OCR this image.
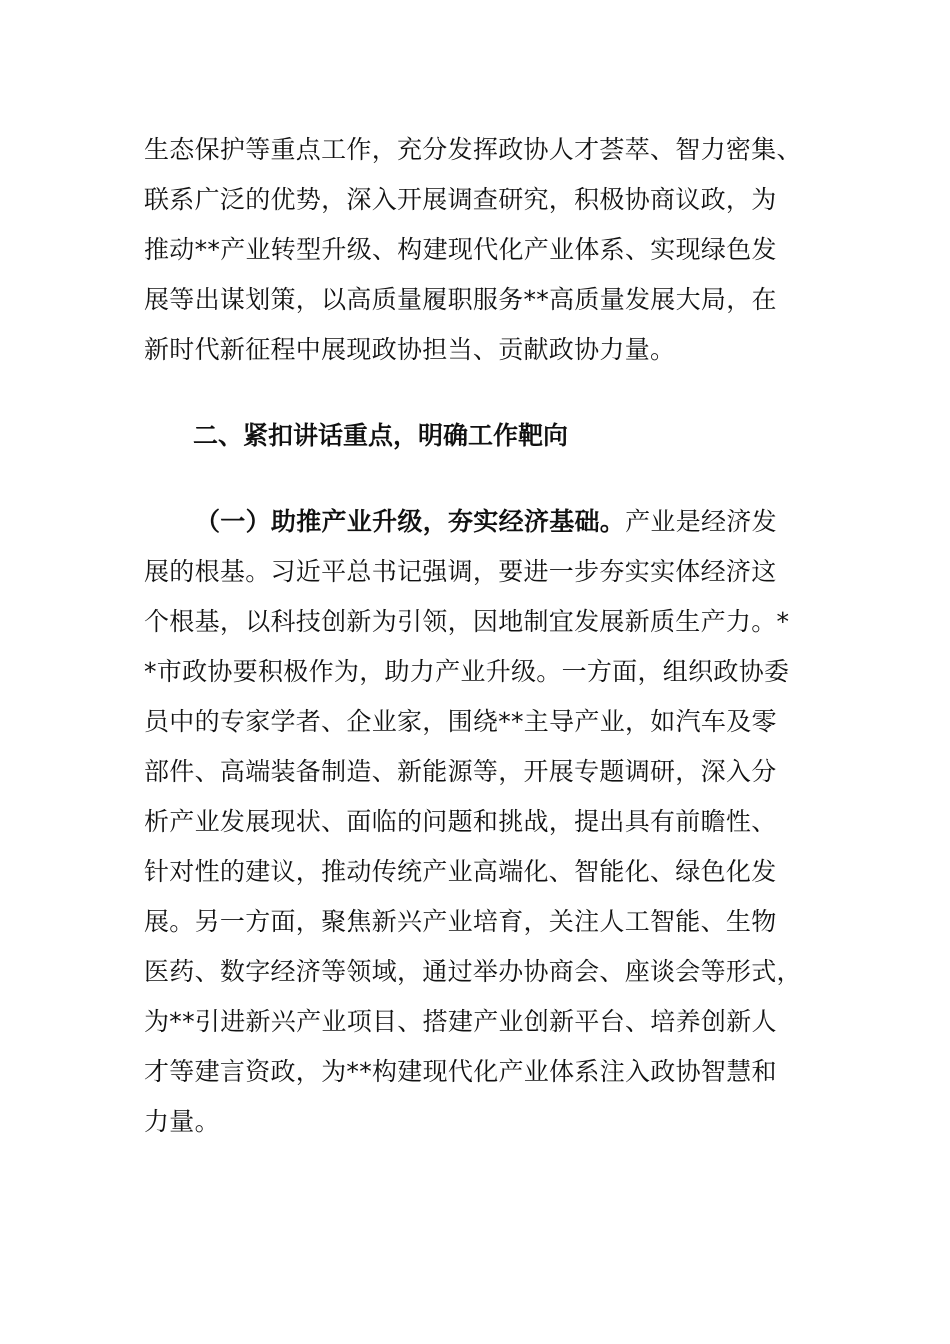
生态保护等重点工作，充分发挥政协人才荟萃、智力密集、
联系广泛的优势，深入开展调查研究，积极协商议政，为
推动**产业转型升级、构建现代化产业体系、实现绿色发
展等出谋划策，以高质量履职服务**高质量发展大局，在
新时代新征程中展现政协担当、贡献政协力量。
二、紧扣讲话重点，明确工作靶向
（一）助推产业升级，夯实经济基础。产业是经济发
展的根基。习近平总书记强调，要进一步夯实实体经济这
个根基，以科技创新为引领，因地制宜发展新质生产力。*
*市政协要积极作为，助力产业升级。一方面，组织政协委
员中的专家学者、企业家，围绕**主导产业，如汽车及零
部件、高端装备制造、新能源等，开展专题调研，深入分
析产业发展现状、面临的问题和挑战，提出具有前瞻性、
针对性的建议，推动传统产业高端化、智能化、绿色化发
展。另一方面，聚焦新兴产业培育，关注人工智能、生物
医药、数字经济等领域，通过举办协商会、座谈会等形式，
为**引进新兴产业项目、搭建产业创新平台、培养创新人
才等建言资政，为**构建现代化产业体系注入政协智慧和
力量。
